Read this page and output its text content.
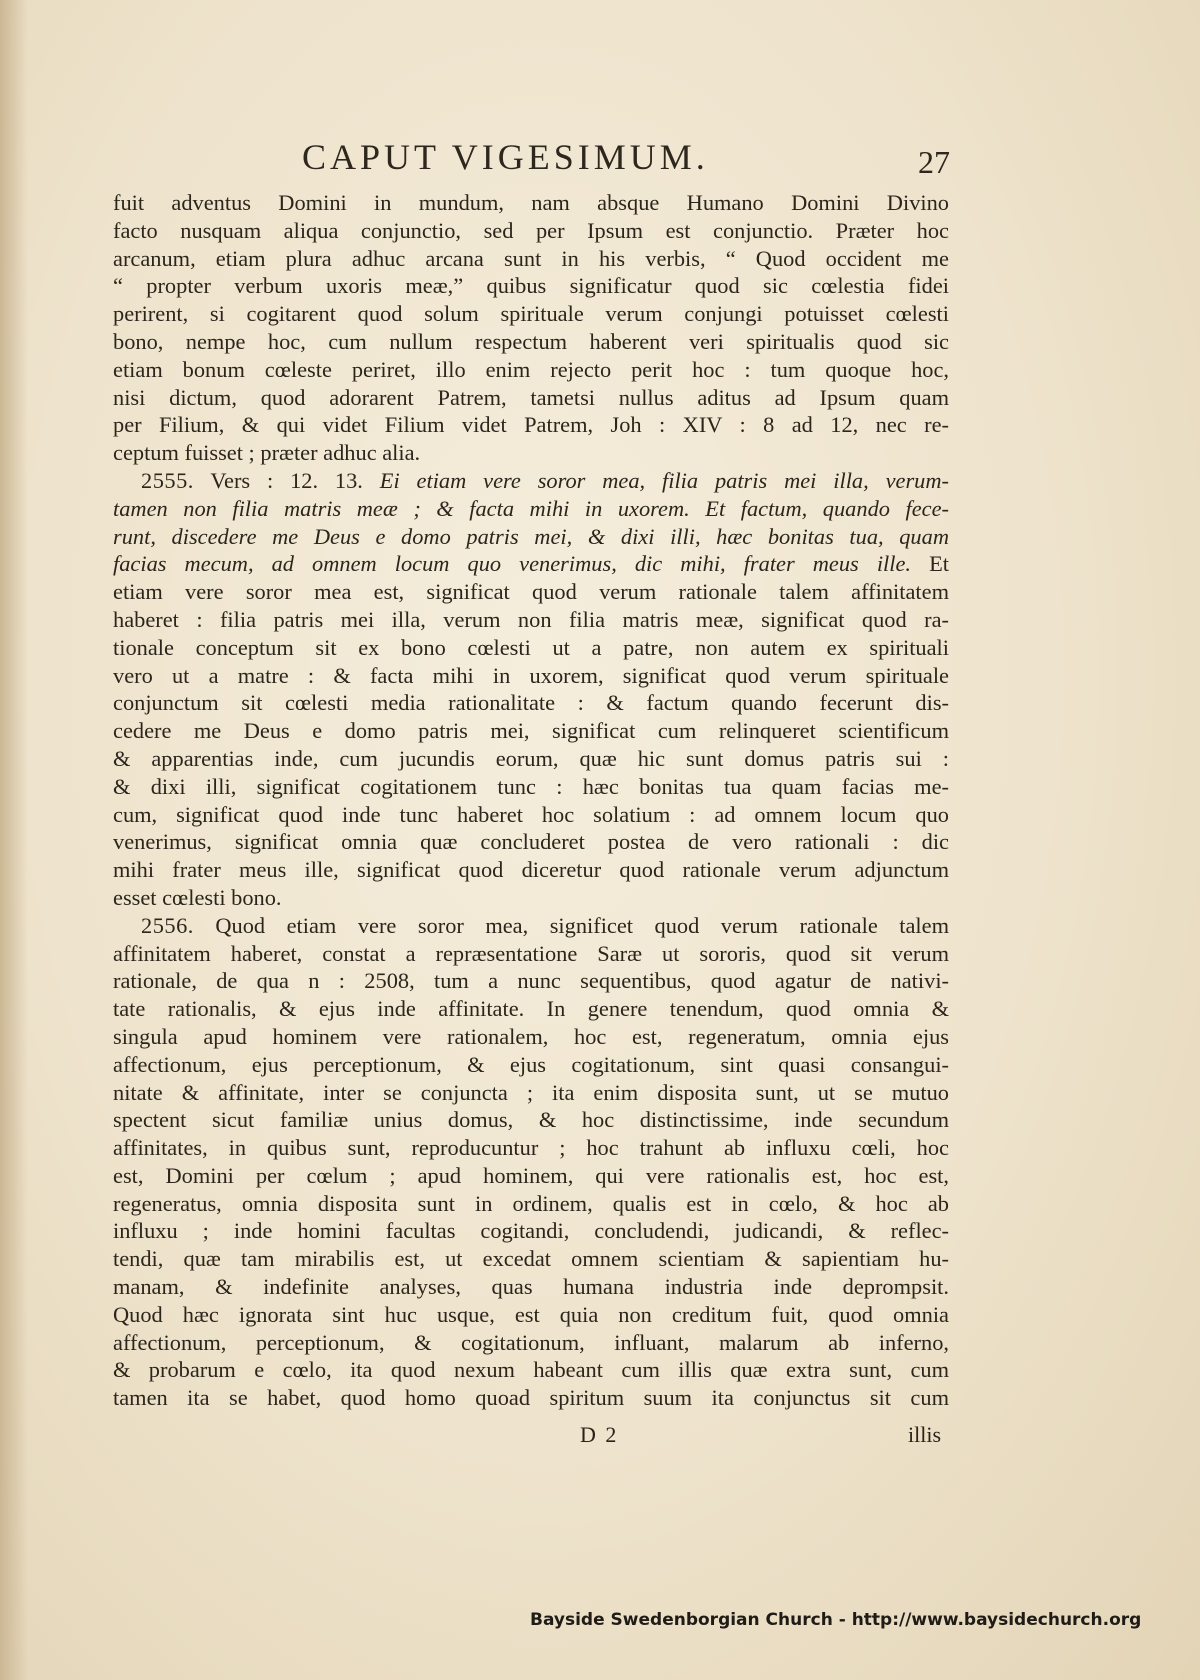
CAPUT VIGESIMUM.	27
fuit adventus Domini in mundum, nam absque Humano Domini Divino
facto nusquam aliqua conjunctio, sed per Ipsum est conjunctio. Præter hoc
arcanum, etiam plura adhuc arcana sunt in his verbis, “ Quod occident me
“ propter verbum uxoris meæ,” quibus significatur quod sic cœlestia fidei
perirent, si cogitarent quod solum spirituale verum conjungi potuisset cœlesti
bono, nempe hoc, cum nullum respectum haberent veri spiritualis quod sic
etiam bonum cœleste periret, illo enim rejecto perit hoc : tum quoque hoc,
nisi dictum, quod adorarent Patrem, tametsi nullus aditus ad Ipsum quam
per Filium, & qui videt Filium videt Patrem, Joh : XIV : 8 ad 12, nec re-
ceptum fuisset ; præter adhuc alia.
2555. Vers : 12. 13. Ei etiam vere soror mea, filia patris mei illa, verum-
tamen non filia matris meæ ; & facta mihi in uxorem. Et factum, quando fece-
runt, discedere me Deus e domo patris mei, & dixi illi, hæc bonitas tua, quam
facias mecum, ad omnem locum quo venerimus, dic mihi, frater meus ille. Et
etiam vere soror mea est, significat quod verum rationale talem affinitatem
haberet : filia patris mei illa, verum non filia matris meæ, significat quod ra-
tionale conceptum sit ex bono cœlesti ut a patre, non autem ex spirituali
vero ut a matre : & facta mihi in uxorem, significat quod verum spirituale
conjunctum sit cœlesti media rationalitate : & factum quando fecerunt dis-
cedere me Deus e domo patris mei, significat cum relinqueret scientificum
& apparentias inde, cum jucundis eorum, quæ hic sunt domus patris sui :
& dixi illi, significat cogitationem tunc : hæc bonitas tua quam facias me-
cum, significat quod inde tunc haberet hoc solatium : ad omnem locum quo
venerimus, significat omnia quæ concluderet postea de vero rationali : dic
mihi frater meus ille, significat quod diceretur quod rationale verum adjunctum
esset cœlesti bono.
2556. Quod etiam vere soror mea, significet quod verum rationale talem
affinitatem haberet, constat a repræsentatione Saræ ut sororis, quod sit verum
rationale, de qua n : 2508, tum a nunc sequentibus, quod agatur de nativi-
tate rationalis, & ejus inde affinitate. In genere tenendum, quod omnia &
singula apud hominem vere rationalem, hoc est, regeneratum, omnia ejus
affectionum, ejus perceptionum, & ejus cogitationum, sint quasi consangui-
nitate & affinitate, inter se conjuncta ; ita enim disposita sunt, ut se mutuo
spectent sicut familiæ unius domus, & hoc distinctissime, inde secundum
affinitates, in quibus sunt, reproducuntur ; hoc trahunt ab influxu cœli, hoc
est, Domini per cœlum ; apud hominem, qui vere rationalis est, hoc est,
regeneratus, omnia disposita sunt in ordinem, qualis est in cœlo, & hoc ab
influxu ; inde homini facultas cogitandi, concludendi, judicandi, & reflec-
tendi, quæ tam mirabilis est, ut excedat omnem scientiam & sapientiam hu-
manam, & indefinite analyses, quas humana industria inde deprompsit.
Quod hæc ignorata sint huc usque, est quia non creditum fuit, quod omnia
affectionum, perceptionum, & cogitationum, influant, malarum ab inferno,
& probarum e cœlo, ita quod nexum habeant cum illis quæ extra sunt, cum
tamen ita se habet, quod homo quoad spiritum suum ita conjunctus sit cum
D 2	illis
Bayside Swedenborgian Church - http://www.baysidechurch.org
